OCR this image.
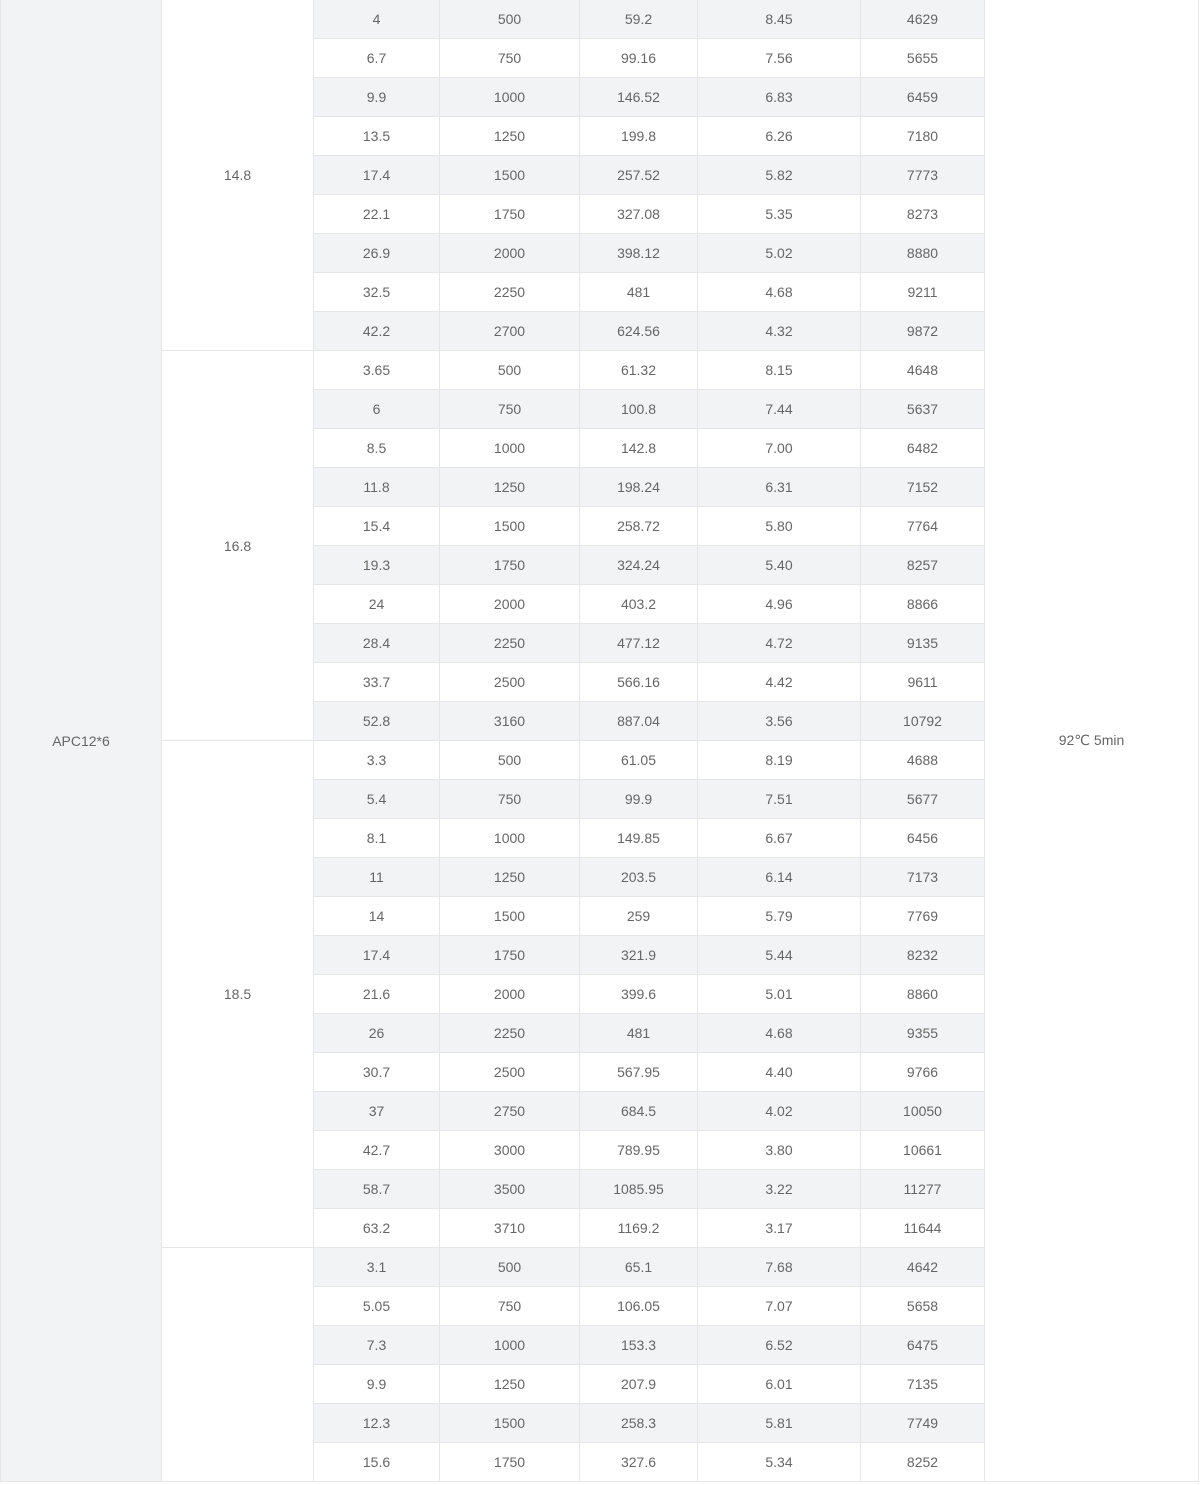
APC12*6	14.8	4	500	59.2	8.45	4629	92℃ 5min
		6.7	750	99.16	7.56	5655	
		9.9	1000	146.52	6.83	6459	
		13.5	1250	199.8	6.26	7180	
		17.4	1500	257.52	5.82	7773	
		22.1	1750	327.08	5.35	8273	
		26.9	2000	398.12	5.02	8880	
		32.5	2250	481	4.68	9211	
		42.2	2700	624.56	4.32	9872	
	16.8	3.65	500	61.32	8.15	4648	
		6	750	100.8	7.44	5637	
		8.5	1000	142.8	7.00	6482	
		11.8	1250	198.24	6.31	7152	
		15.4	1500	258.72	5.80	7764	
		19.3	1750	324.24	5.40	8257	
		24	2000	403.2	4.96	8866	
		28.4	2250	477.12	4.72	9135	
		33.7	2500	566.16	4.42	9611	
		52.8	3160	887.04	3.56	10792	
	18.5	3.3	500	61.05	8.19	4688	
		5.4	750	99.9	7.51	5677	
		8.1	1000	149.85	6.67	6456	
		11	1250	203.5	6.14	7173	
		14	1500	259	5.79	7769	
		17.4	1750	321.9	5.44	8232	
		21.6	2000	399.6	5.01	8860	
		26	2250	481	4.68	9355	
		30.7	2500	567.95	4.40	9766	
		37	2750	684.5	4.02	10050	
		42.7	3000	789.95	3.80	10661	
		58.7	3500	1085.95	3.22	11277	
		63.2	3710	1169.2	3.17	11644	
		3.1	500	65.1	7.68	4642	
		5.05	750	106.05	7.07	5658	
		7.3	1000	153.3	6.52	6475	
		9.9	1250	207.9	6.01	7135	
		12.3	1500	258.3	5.81	7749	
		15.6	1750	327.6	5.34	8252	
